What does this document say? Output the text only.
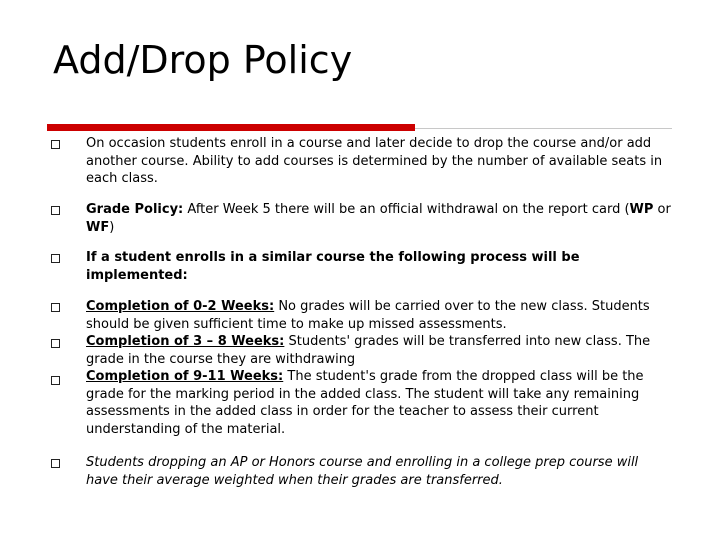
Add/Drop Policy
On occasion students enroll in a course and later decide to drop the course and/or add another course. Ability to add courses is determined by the number of available seats in each class.
Grade Policy: After Week 5 there will be an official withdrawal on the report card (WP or WF)
If a student enrolls in a similar course the following process will be implemented:
Completion of 0-2 Weeks: No grades will be carried over to the new class. Students should be given sufficient time to make up missed assessments.
Completion of 3 – 8 Weeks: Students' grades will be transferred into new class. The grade in the course they are withdrawing
Completion of 9-11 Weeks: The student's grade from the dropped class will be the grade for the marking period in the added class. The student will take any remaining assessments in the added class in order for the teacher to assess their current understanding of the material.
Students dropping an AP or Honors course and enrolling in a college prep course will have their average weighted when their grades are transferred.
